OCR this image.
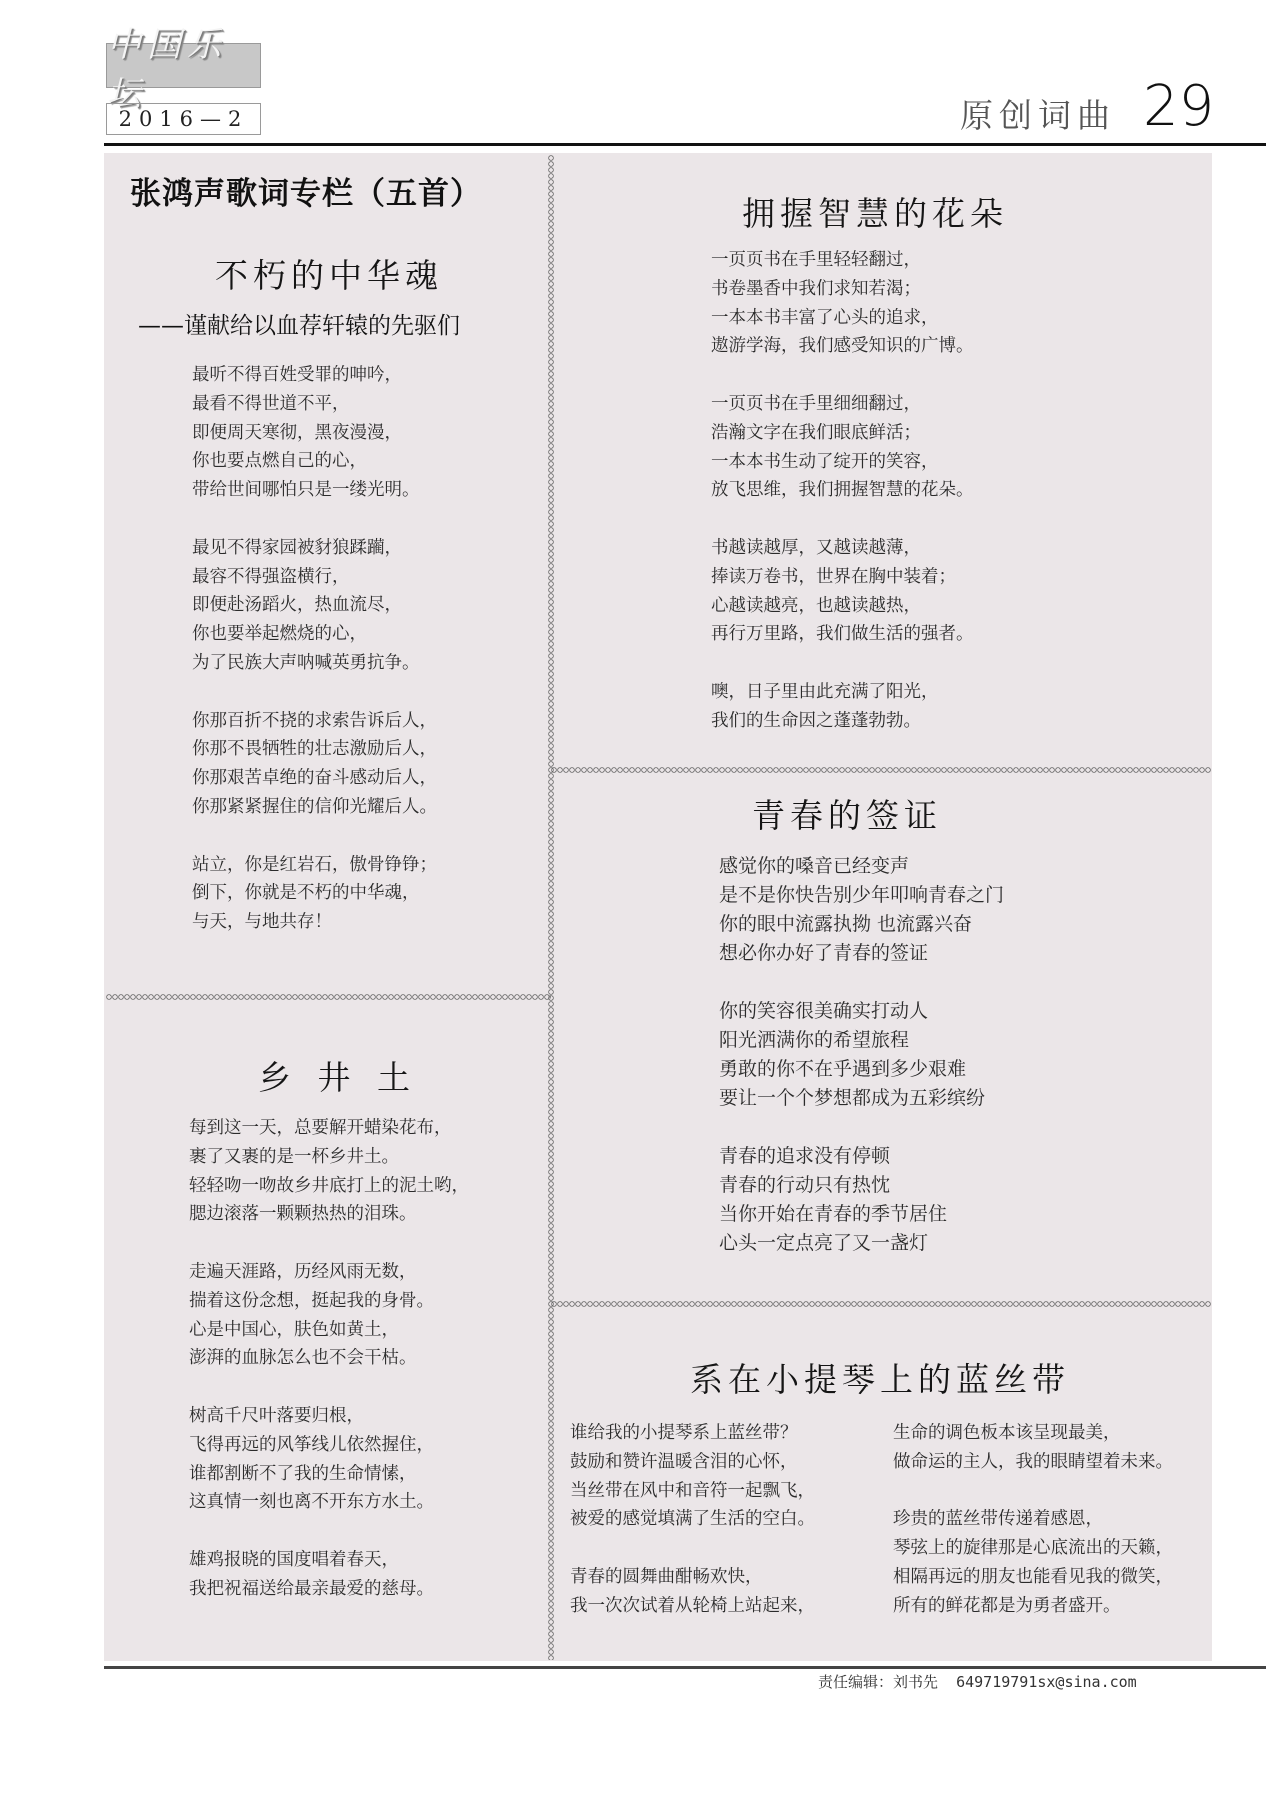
中国乐坛
2016—2	原创词曲 29
张鸿声歌词专栏（五首）
不朽的中华魂
——谨献给以血荐轩辕的先驱们
最听不得百姓受罪的呻吟，
最看不得世道不平，
即便周天寒彻，黑夜漫漫，
你也要点燃自己的心，
带给世间哪怕只是一缕光明。
最见不得家园被豺狼蹂躏，
最容不得强盗横行，
即便赴汤蹈火，热血流尽，
你也要举起燃烧的心，
为了民族大声呐喊英勇抗争。
你那百折不挠的求索告诉后人，
你那不畏牺牲的壮志激励后人，
你那艰苦卓绝的奋斗感动后人，
你那紧紧握住的信仰光耀后人。
站立，你是红岩石，傲骨铮铮；
倒下，你就是不朽的中华魂，
与天，与地共存！
乡 井 土
每到这一天，总要解开蜡染花布，
裹了又裹的是一杯乡井土。
轻轻吻一吻故乡井底打上的泥土哟，
腮边滚落一颗颗热热的泪珠。
走遍天涯路，历经风雨无数，
揣着这份念想，挺起我的身骨。
心是中国心，肤色如黄土，
澎湃的血脉怎么也不会干枯。
树高千尺叶落要归根，
飞得再远的风筝线儿依然握住，
谁都割断不了我的生命情愫，
这真情一刻也离不开东方水土。
雄鸡报晓的国度唱着春天，
我把祝福送给最亲最爱的慈母。
拥握智慧的花朵
一页页书在手里轻轻翻过，
书卷墨香中我们求知若渴；
一本本书丰富了心头的追求，
遨游学海，我们感受知识的广博。
一页页书在手里细细翻过，
浩瀚文字在我们眼底鲜活；
一本本书生动了绽开的笑容，
放飞思维，我们拥握智慧的花朵。
书越读越厚，又越读越薄，
捧读万卷书，世界在胸中装着；
心越读越亮，也越读越热，
再行万里路，我们做生活的强者。
噢，日子里由此充满了阳光，
我们的生命因之蓬蓬勃勃。
青春的签证
感觉你的嗓音已经变声
是不是你快告别少年叩响青春之门
你的眼中流露执拗 也流露兴奋
想必你办好了青春的签证
你的笑容很美确实打动人
阳光洒满你的希望旅程
勇敢的你不在乎遇到多少艰难
要让一个个梦想都成为五彩缤纷
青春的追求没有停顿
青春的行动只有热忱
当你开始在青春的季节居住
心头一定点亮了又一盏灯
系在小提琴上的蓝丝带
谁给我的小提琴系上蓝丝带？
鼓励和赞许温暖含泪的心怀，
当丝带在风中和音符一起飘飞，
被爱的感觉填满了生活的空白。
青春的圆舞曲酣畅欢快，
我一次次试着从轮椅上站起来，
生命的调色板本该呈现最美，
做命运的主人，我的眼睛望着未来。
珍贵的蓝丝带传递着感恩，
琴弦上的旋律那是心底流出的天籁，
相隔再远的朋友也能看见我的微笑，
所有的鲜花都是为勇者盛开。
责任编辑：刘书先 649719791sx@sina.com
